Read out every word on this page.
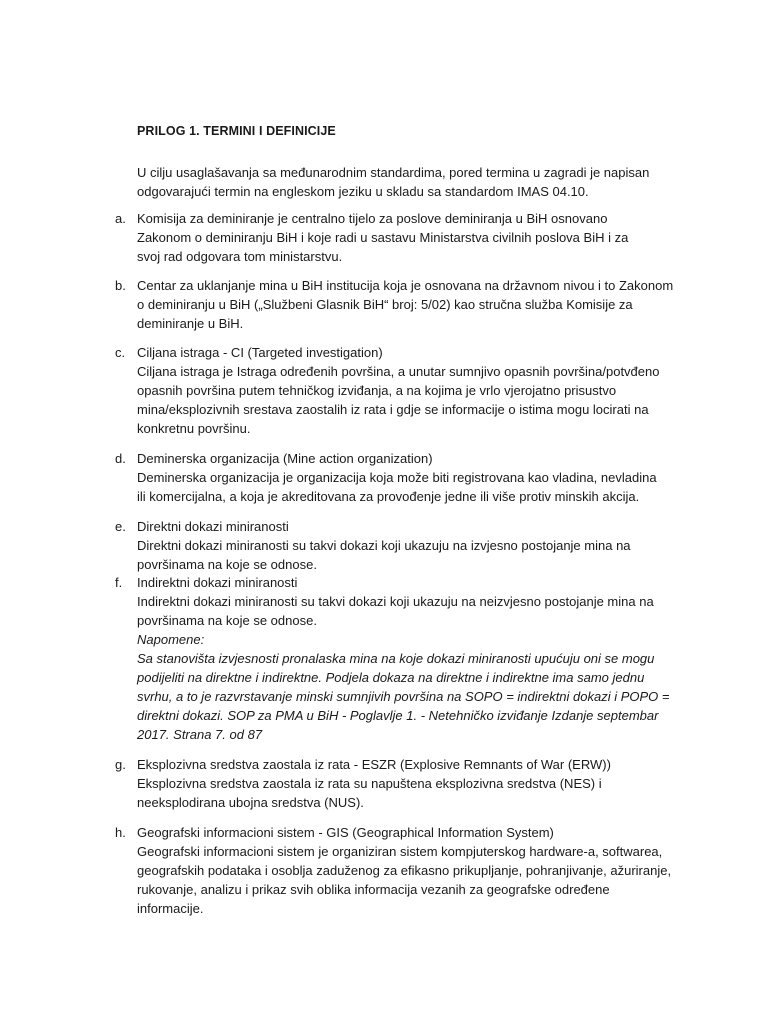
PRILOG 1. TERMINI I DEFINICIJE
U cilju usaglašavanja sa međunarodnim standardima, pored termina u zagradi je napisan
odgovarajući termin na engleskom jeziku u skladu sa standardom IMAS 04.10.
a. Komisija za deminiranje je centralno tijelo za poslove deminiranja u BiH osnovano
Zakonom o deminiranju BiH i koje radi u sastavu Ministarstva civilnih poslova BiH i za
svoj rad odgovara tom ministarstvu.
b. Centar za uklanjanje mina u BiH institucija koja je osnovana na državnom nivou i to Zakonom
o deminiranju u BiH („Službeni Glasnik BiH“ broj: 5/02) kao stručna služba Komisije za
deminiranje u BiH.
c. Ciljana istraga - CI (Targeted investigation)
Ciljana istraga je Istraga određenih površina, a unutar sumnjivo opasnih površina/potvđeno
opasnih površina putem tehničkog izviđanja, a na kojima je vrlo vjerojatno prisustvo
mina/eksplozivnih srestava zaostalih iz rata i gdje se informacije o istima mogu locirati na
konkretnu površinu.
d. Deminerska organizacija (Mine action organization)
Deminerska organizacija je organizacija koja može biti registrovana kao vladina, nevladina
ili komercijalna, a koja je akreditovana za provođenje jedne ili više protiv minskih akcija.
e. Direktni dokazi miniranosti
Direktni dokazi miniranosti su takvi dokazi koji ukazuju na izvjesno postojanje mina na
površinama na koje se odnose.
f. Indirektni dokazi miniranosti
Indirektni dokazi miniranosti su takvi dokazi koji ukazuju na neizvjesno postojanje mina na
površinama na koje se odnose.
Napomene:
Sa stanovišta izvjesnosti pronalaska mina na koje dokazi miniranosti upućuju oni se mogu
podijeliti na direktne i indirektne. Podjela dokaza na direktne i indirektne ima samo jednu
svrhu, a to je razvrstavanje minski sumnjivih površina na SOPO = indirektni dokazi i POPO =
direktni dokazi. SOP za PMA u BiH - Poglavlje 1. - Netehničko izviđanje Izdanje septembar
2017. Strana 7. od 87
g. Eksplozivna sredstva zaostala iz rata - ESZR (Explosive Remnants of War (ERW))
Eksplozivna sredstva zaostala iz rata su napuštena eksplozivna sredstva (NES) i
neeksplodirana ubojna sredstva (NUS).
h. Geografski informacioni sistem - GIS (Geographical Information System)
Geografski informacioni sistem je organiziran sistem kompjuterskog hardware-a, softwarea,
geografskih podataka i osoblja zaduženog za efikasno prikupljanje, pohranjivanje, ažuriranje,
rukovanje, analizu i prikaz svih oblika informacija vezanih za geografske određene
informacije.
